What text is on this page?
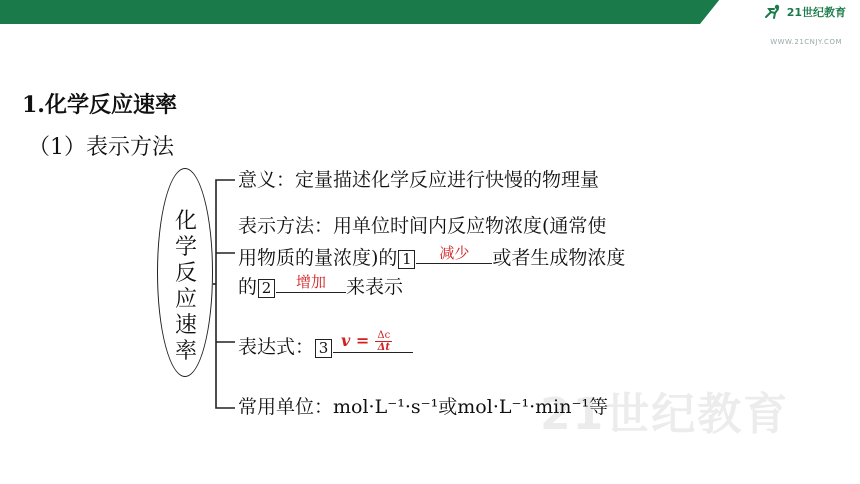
21世纪教育
WWW.21CNJY.COM
21世纪教育
1.化学反应速率
（1）表示方法
化
学
反
应
速
率
意义：定量描述化学反应进行快慢的物理量
表示方法：用单位时间内反应物浓度(通常使
用物质的量浓度)的 1	减少	或者生成物浓度
的 2	增加	来表示
表达式： 3 $v = \frac{\Delta c}{\Delta t}$
常用单位：mol·L⁻¹·s⁻¹或mol·L⁻¹·min⁻¹等
